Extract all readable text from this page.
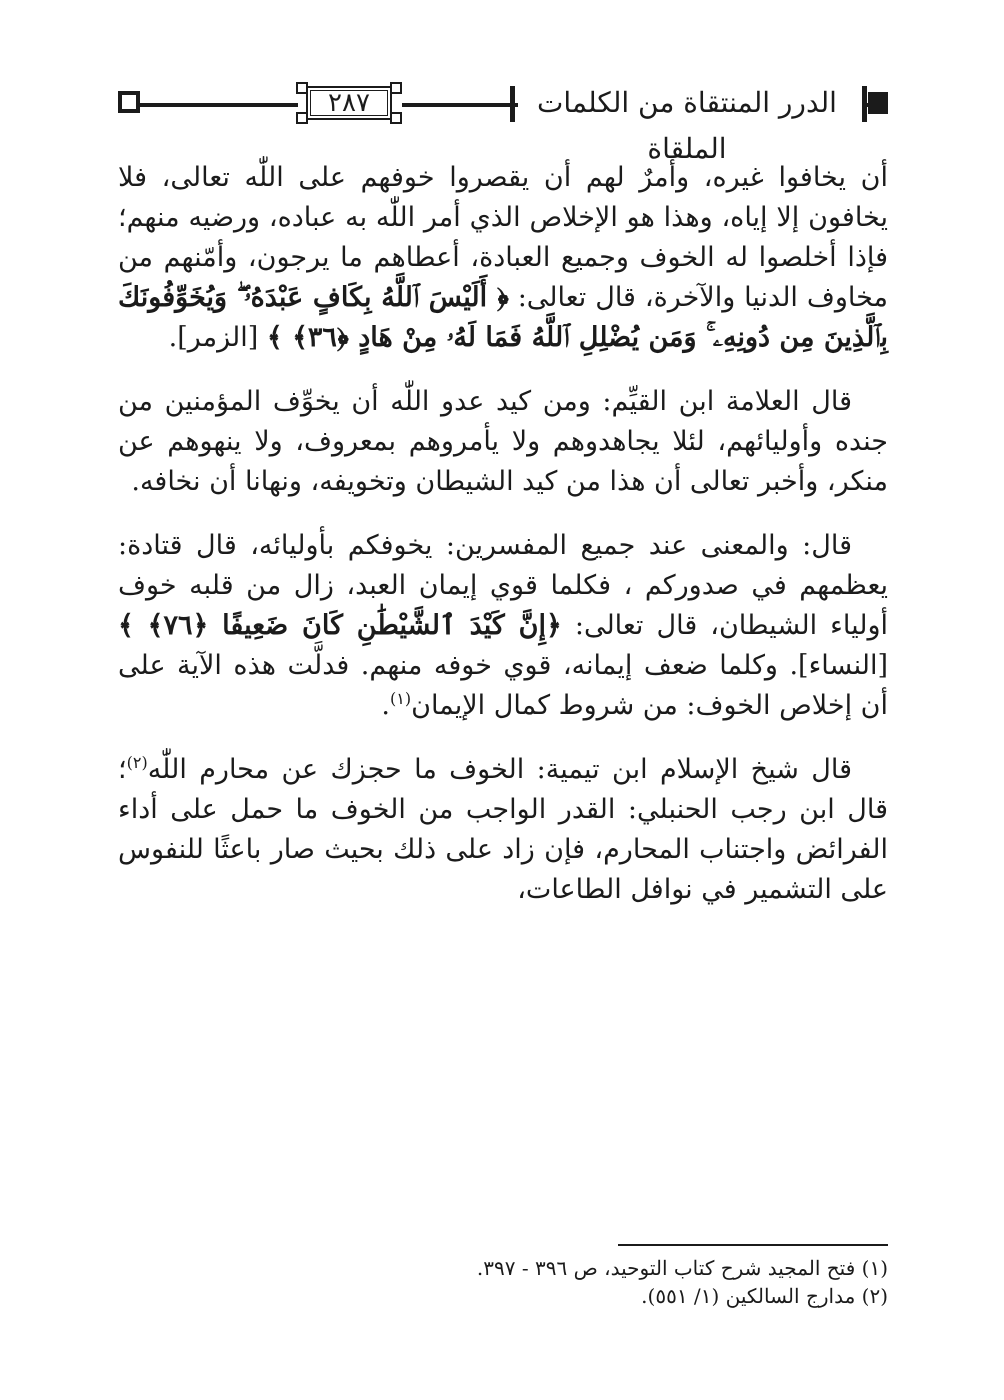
٢٨٧	الدرر المنتقاة من الكلمات الملقاة

أن يخافوا غيره، وأمرٌ لهم أن يقصروا خوفهم على اللّٰه تعالى، فلا يخافون إلا إياه، وهذا هو الإخلاص الذي أمر اللّٰه به عباده، ورضيه منهم؛ فإذا أخلصوا له الخوف وجميع العبادة، أعطاهم ما يرجون، وأمّنهم من مخاوف الدنيا والآخرة، قال تعالى: ﴿ أَلَيْسَ ٱللَّهُ بِكَافٍ عَبْدَهُۥ ۖ وَيُخَوِّفُونَكَ بِٱلَّذِينَ مِن دُونِهِۦ ۚ وَمَن يُضْلِلِ ٱللَّهُ فَمَا لَهُۥ مِنْ هَادٍ ﴿٣٦﴾ ﴾ [الزمر].

قال العلامة ابن القيِّم: ومن كيد عدو اللّٰه أن يخوِّف المؤمنين من جنده وأوليائهم، لئلا يجاهدوهم ولا يأمروهم بمعروف، ولا ينهوهم عن منكر، وأخبر تعالى أن هذا من كيد الشيطان وتخويفه، ونهانا أن نخافه.

قال: والمعنى عند جميع المفسرين: يخوفكم بأوليائه، قال قتادة: يعظمهم في صدوركم ، فكلما قوي إيمان العبد، زال من قلبه خوف أولياء الشيطان، قال تعالى: ﴿إِنَّ كَيْدَ ٱلشَّيْطَٰنِ كَانَ ضَعِيفًا ﴿٧٦﴾ ﴾ [النساء]. وكلما ضعف إيمانه، قوي خوفه منهم. فدلَّت هذه الآية على أن إخلاص الخوف: من شروط كمال الإيمان$^{(١)}$.

قال شيخ الإسلام ابن تيمية: الخوف ما حجزك عن محارم اللّٰه$^{(٢)}$؛ قال ابن رجب الحنبلي: القدر الواجب من الخوف ما حمل على أداء الفرائض واجتناب المحارم، فإن زاد على ذلك بحيث صار باعثًا للنفوس على التشمير في نوافل الطاعات،

(١) فتح المجيد شرح كتاب التوحيد، ص ٣٩٦ - ٣٩٧.
(٢) مدارج السالكين (١/ ٥٥١).
